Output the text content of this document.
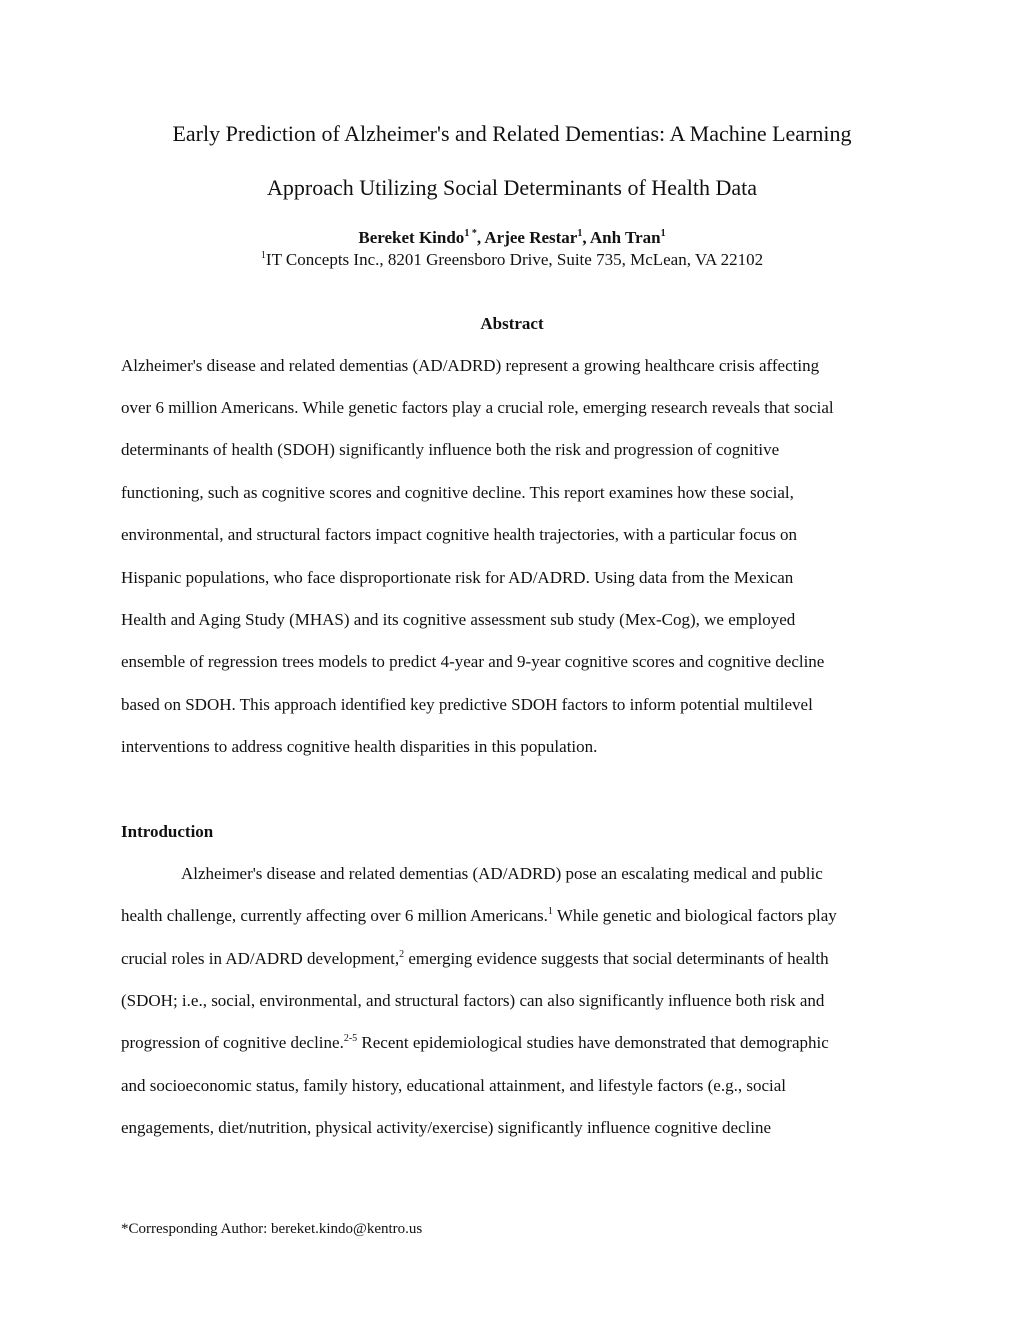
Early Prediction of Alzheimer's and Related Dementias: A Machine Learning
Approach Utilizing Social Determinants of Health Data
Bereket Kindo$^{1 *}$, Arjee Restar$^1$, Anh Tran$^1$
$^1$IT Concepts Inc., 8201 Greensboro Drive, Suite 735, McLean, VA 22102
Abstract
Alzheimer's disease and related dementias (AD/ADRD) represent a growing healthcare crisis affecting
over 6 million Americans. While genetic factors play a crucial role, emerging research reveals that social
determinants of health (SDOH) significantly influence both the risk and progression of cognitive
functioning, such as cognitive scores and cognitive decline. This report examines how these social,
environmental, and structural factors impact cognitive health trajectories, with a particular focus on
Hispanic populations, who face disproportionate risk for AD/ADRD. Using data from the Mexican
Health and Aging Study (MHAS) and its cognitive assessment sub study (Mex-Cog), we employed
ensemble of regression trees models to predict 4-year and 9-year cognitive scores and cognitive decline
based on SDOH. This approach identified key predictive SDOH factors to inform potential multilevel
interventions to address cognitive health disparities in this population.
Introduction
Alzheimer's disease and related dementias (AD/ADRD) pose an escalating medical and public
health challenge, currently affecting over 6 million Americans.$^1$ While genetic and biological factors play
crucial roles in AD/ADRD development,$^2$ emerging evidence suggests that social determinants of health
(SDOH; i.e., social, environmental, and structural factors) can also significantly influence both risk and
progression of cognitive decline.$^{2-5}$ Recent epidemiological studies have demonstrated that demographic
and socioeconomic status, family history, educational attainment, and lifestyle factors (e.g., social
engagements, diet/nutrition, physical activity/exercise) significantly influence cognitive decline
*Corresponding Author: bereket.kindo@kentro.us
